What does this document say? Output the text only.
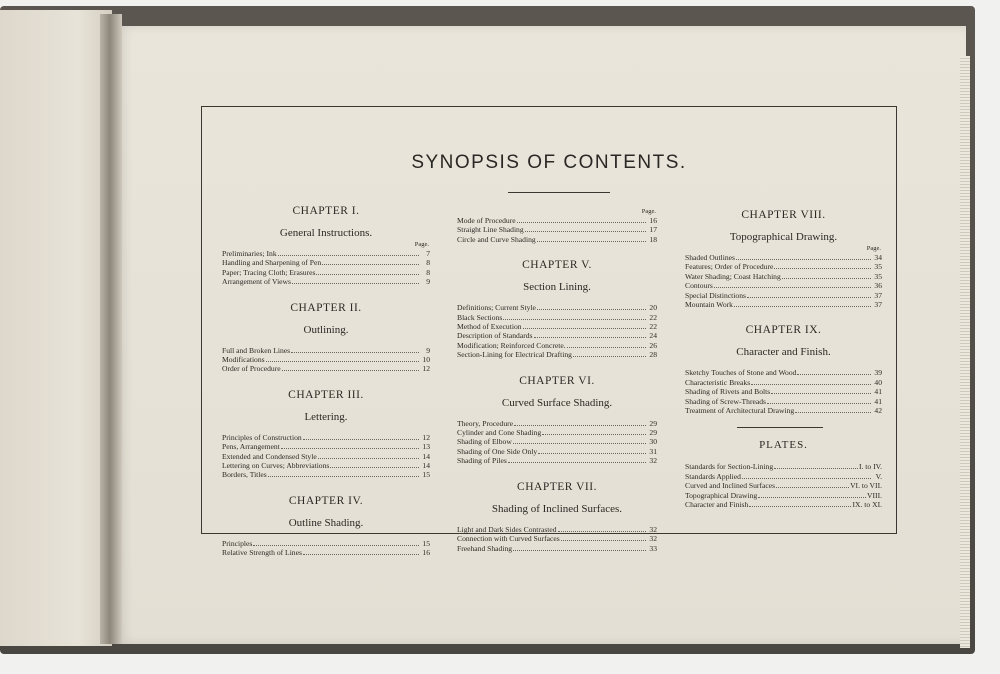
SYNOPSIS OF CONTENTS.
CHAPTER I.
General Instructions.
Page.
Preliminaries; Ink	7
Handling and Sharpening of Pen	8
Paper; Tracing Cloth; Erasures	8
Arrangement of Views	9
CHAPTER II.
Outlining.
Full and Broken Lines	9
Modifications	10
Order of Procedure	12
CHAPTER III.
Lettering.
Principles of Construction	12
Pens, Arrangement	13
Extended and Condensed Style	14
Lettering on Curves; Abbreviations	14
Borders, Titles	15
CHAPTER IV.
Outline Shading.
Principles	15
Relative Strength of Lines	16
Page.
Mode of Procedure	16
Straight Line Shading	17
Circle and Curve Shading	18
CHAPTER V.
Section Lining.
Definitions; Current Style	20
Black Sections	22
Method of Execution	22
Description of Standards	24
Modification; Reinforced Concrete.	26
Section-Lining for Electrical Drafting	28
CHAPTER VI.
Curved Surface Shading.
Theory, Procedure	29
Cylinder and Cone Shading	29
Shading of Elbow	30
Shading of One Side Only	31
Shading of Piles	32
CHAPTER VII.
Shading of Inclined Surfaces.
Light and Dark Sides Contrasted	32
Connection with Curved Surfaces	32
Freehand Shading	33
CHAPTER VIII.
Topographical Drawing.
Page.
Shaded Outlines	34
Features; Order of Procedure	35
Water Shading; Coast Hatching	35
Contours	36
Special Distinctions	37
Mountain Work	37
CHAPTER IX.
Character and Finish.
Sketchy Touches of Stone and Wood	39
Characteristic Breaks	40
Shading of Rivets and Bolts	41
Shading of Screw-Threads	41
Treatment of Architectural Drawing	42
PLATES.
Standards for Section-Lining	I. to IV.
Standards Applied	V.
Curved and Inclined Surfaces	VI. to VII.
Topographical Drawing	VIII.
Character and Finish	IX. to XI.
